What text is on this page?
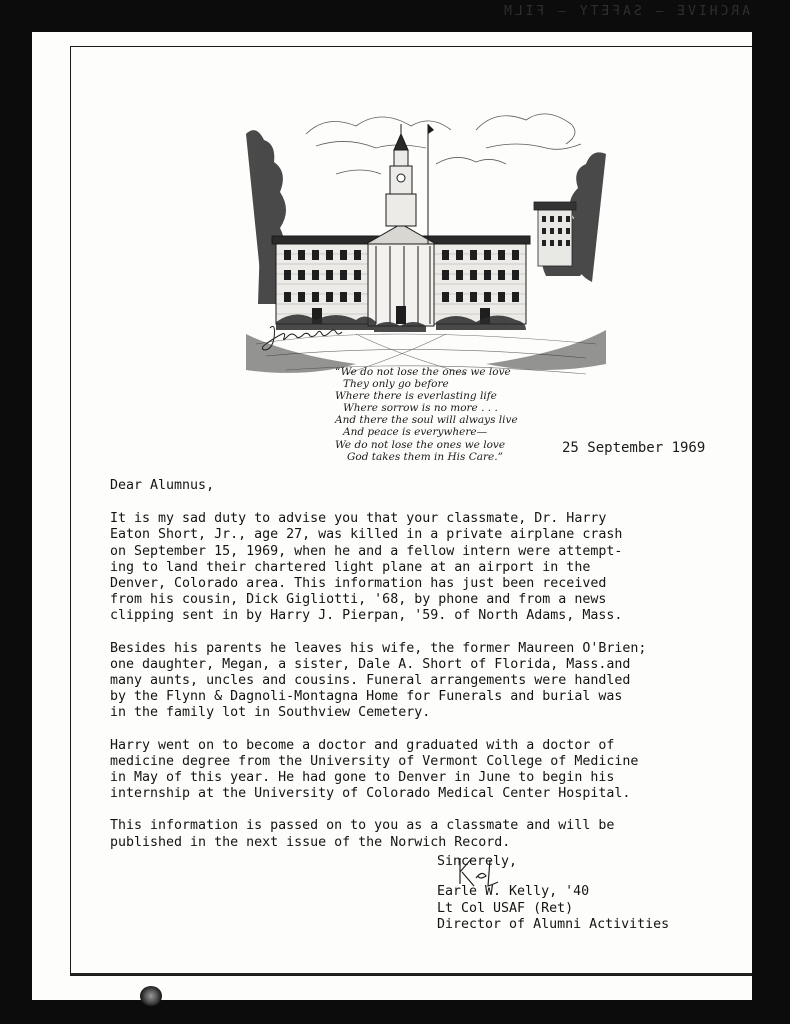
ARCHIVE — SAFETY — FILM
“We do not lose the ones we love
They only go before
Where there is everlasting life
Where sorrow is no more . . .
And there the soul will always live
And peace is everywhere—
We do not lose the ones we love
God takes them in His Care.”
25 September 1969

Dear Alumnus,

It is my sad duty to advise you that your classmate, Dr. Harry

Eaton Short, Jr., age 27, was killed in a private airplane crash

on September 15, 1969, when he and a fellow intern were attempt-

ing to land their chartered light plane at an airport in the

Denver, Colorado area. This information has just been received

from his cousin, Dick Gigliotti, '68, by phone and from a news

clipping sent in by Harry J. Pierpan, '59. of North Adams, Mass.

Besides his parents he leaves his wife, the former Maureen O'Brien;

one daughter, Megan, a sister, Dale A. Short of Florida, Mass.and

many aunts, uncles and cousins. Funeral arrangements were handled

by the Flynn & Dagnoli-Montagna Home for Funerals and burial was

in the family lot in Southview Cemetery.

Harry went on to become a doctor and graduated with a doctor of

medicine degree from the University of Vermont College of Medicine

in May of this year. He had gone to Denver in June to begin his

internship at the University of Colorado Medical Center Hospital.

This information is passed on to you as a classmate and will be

published in the next issue of the Norwich Record.

Sincerely,
Earle W. Kelly, '40
Lt Col USAF (Ret)
Director of Alumni Activities
